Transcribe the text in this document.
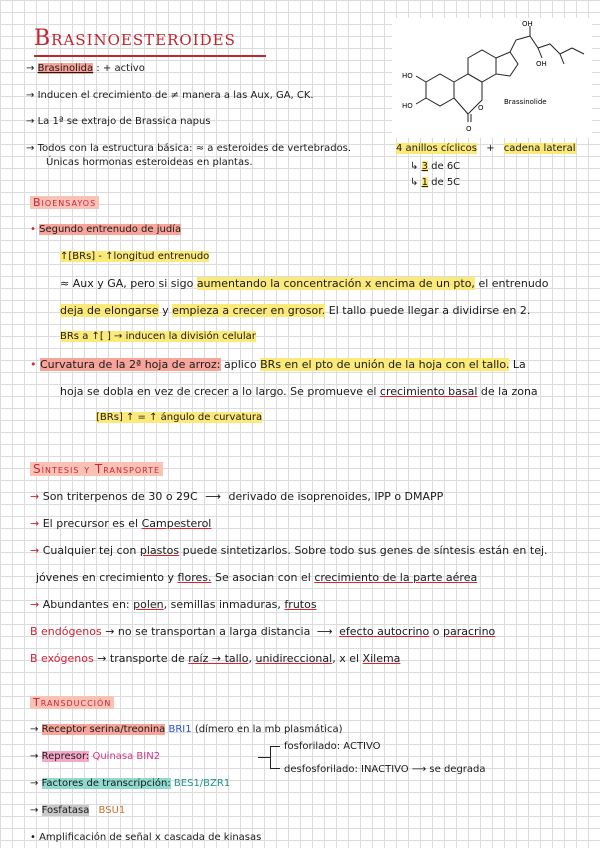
Brasinoesteroides
→ Brasinolida : + activo
→ Inducen el crecimiento de ≠ manera a las Aux, GA, CK.
→ La 1ª se extrajo de Brassica napus
→ Todos con la estructura básica: ≈ a esteroides de vertebrados.
Únicas hormonas esteroideas en plantas.
4 anillos cíclicos + cadena lateral
↳ 3 de 6C
↳ 1 de 5C
OH
OH
HO
HO	O
O
Brassinolide
Bioensayos
• Segundo entrenudo de judía
↑[BRs] - ↑longitud entrenudo
≈ Aux y GA, pero si sigo aumentando la concentración x encima de un pto, el entrenudo
deja de elongarse y empieza a crecer en grosor. El tallo puede llegar a dividirse en 2.
BRs a ↑[ ] → inducen la división celular
• Curvatura de la 2ª hoja de arroz: aplico BRs en el pto de unión de la hoja con el tallo. La
hoja se dobla en vez de crecer a lo largo. Se promueve el crecimiento basal de la zona
[BRs] ↑ = ↑ ángulo de curvatura
Síntesis y Transporte
→ Son triterpenos de 30 o 29C ⟶ derivado de isoprenoides, IPP o DMAPP
→ El precursor es el Campesterol
→ Cualquier tej con plastos puede sintetizarlos. Sobre todo sus genes de síntesis están en tej.
jóvenes en crecimiento y flores. Se asocian con el crecimiento de la parte aérea
→ Abundantes en: polen, semillas inmaduras, frutos
B endógenos → no se transportan a larga distancia ⟶ efecto autocrino o paracrino
B exógenos → transporte de raíz → tallo, unidireccional, x el Xilema
Transducción
→ Receptor serina/treonina BRI1 (dímero en la mb plasmática)
→ Represor: Quinasa BIN2
fosforilado: ACTIVO
desfosforilado: INACTIVO ⟶ se degrada
→ Factores de transcripción: BES1/BZR1
→ Fosfatasa BSU1
• Amplificación de señal x cascada de kinasas
